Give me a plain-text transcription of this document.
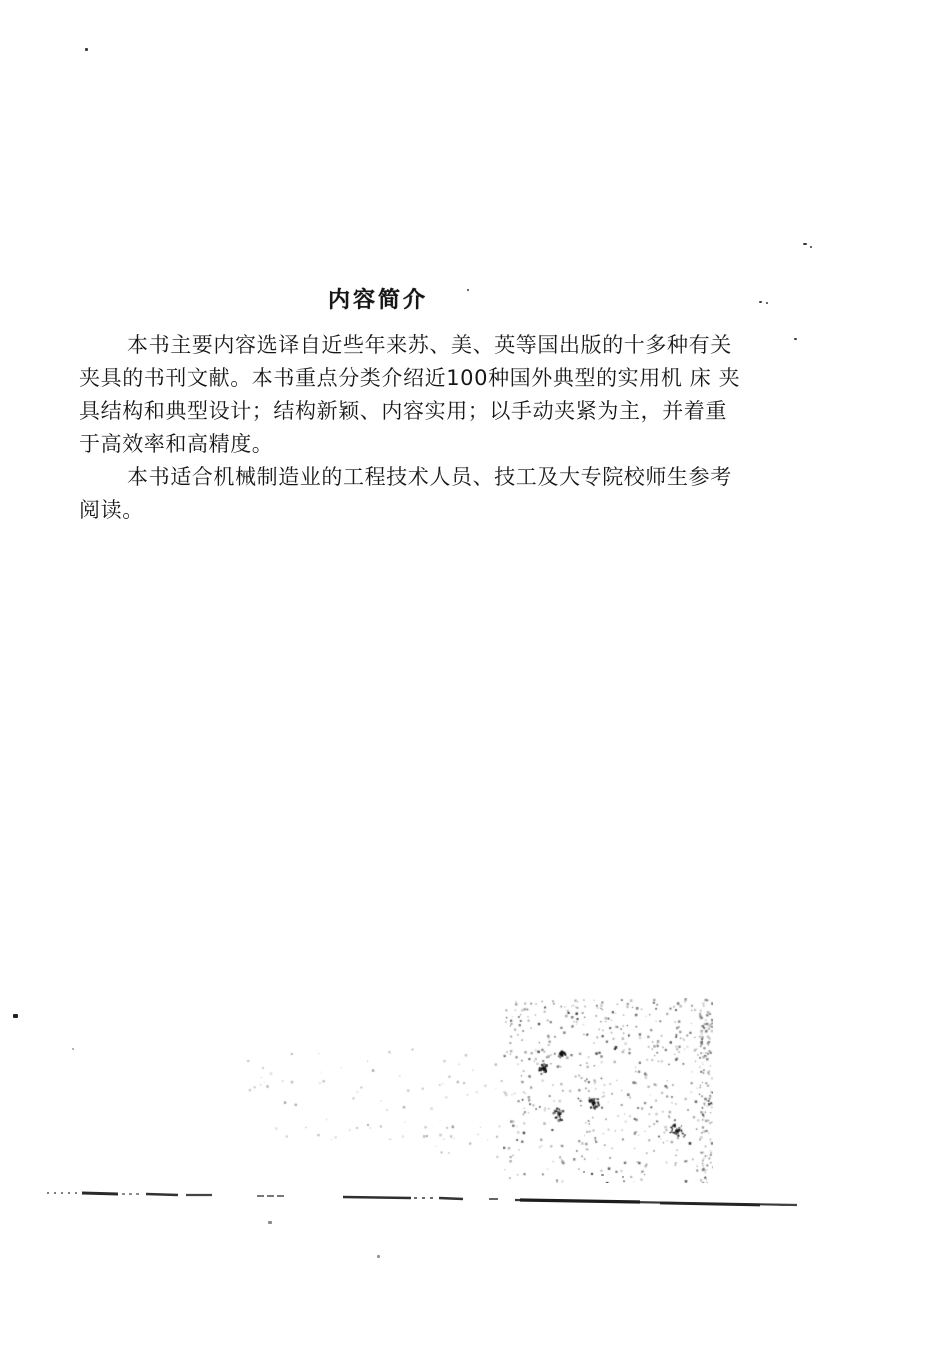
内容简介
本书主要内容选译自近些年来苏、美、英等国出版的十多种有关
夹具的书刊文献。本书重点分类介绍近100种国外典型的实用机 床 夹
具结构和典型设计；结构新颖、内容实用；以手动夹紧为主，并着重
于高效率和高精度。
本书适合机械制造业的工程技术人员、技工及大专院校师生参考
阅读。
